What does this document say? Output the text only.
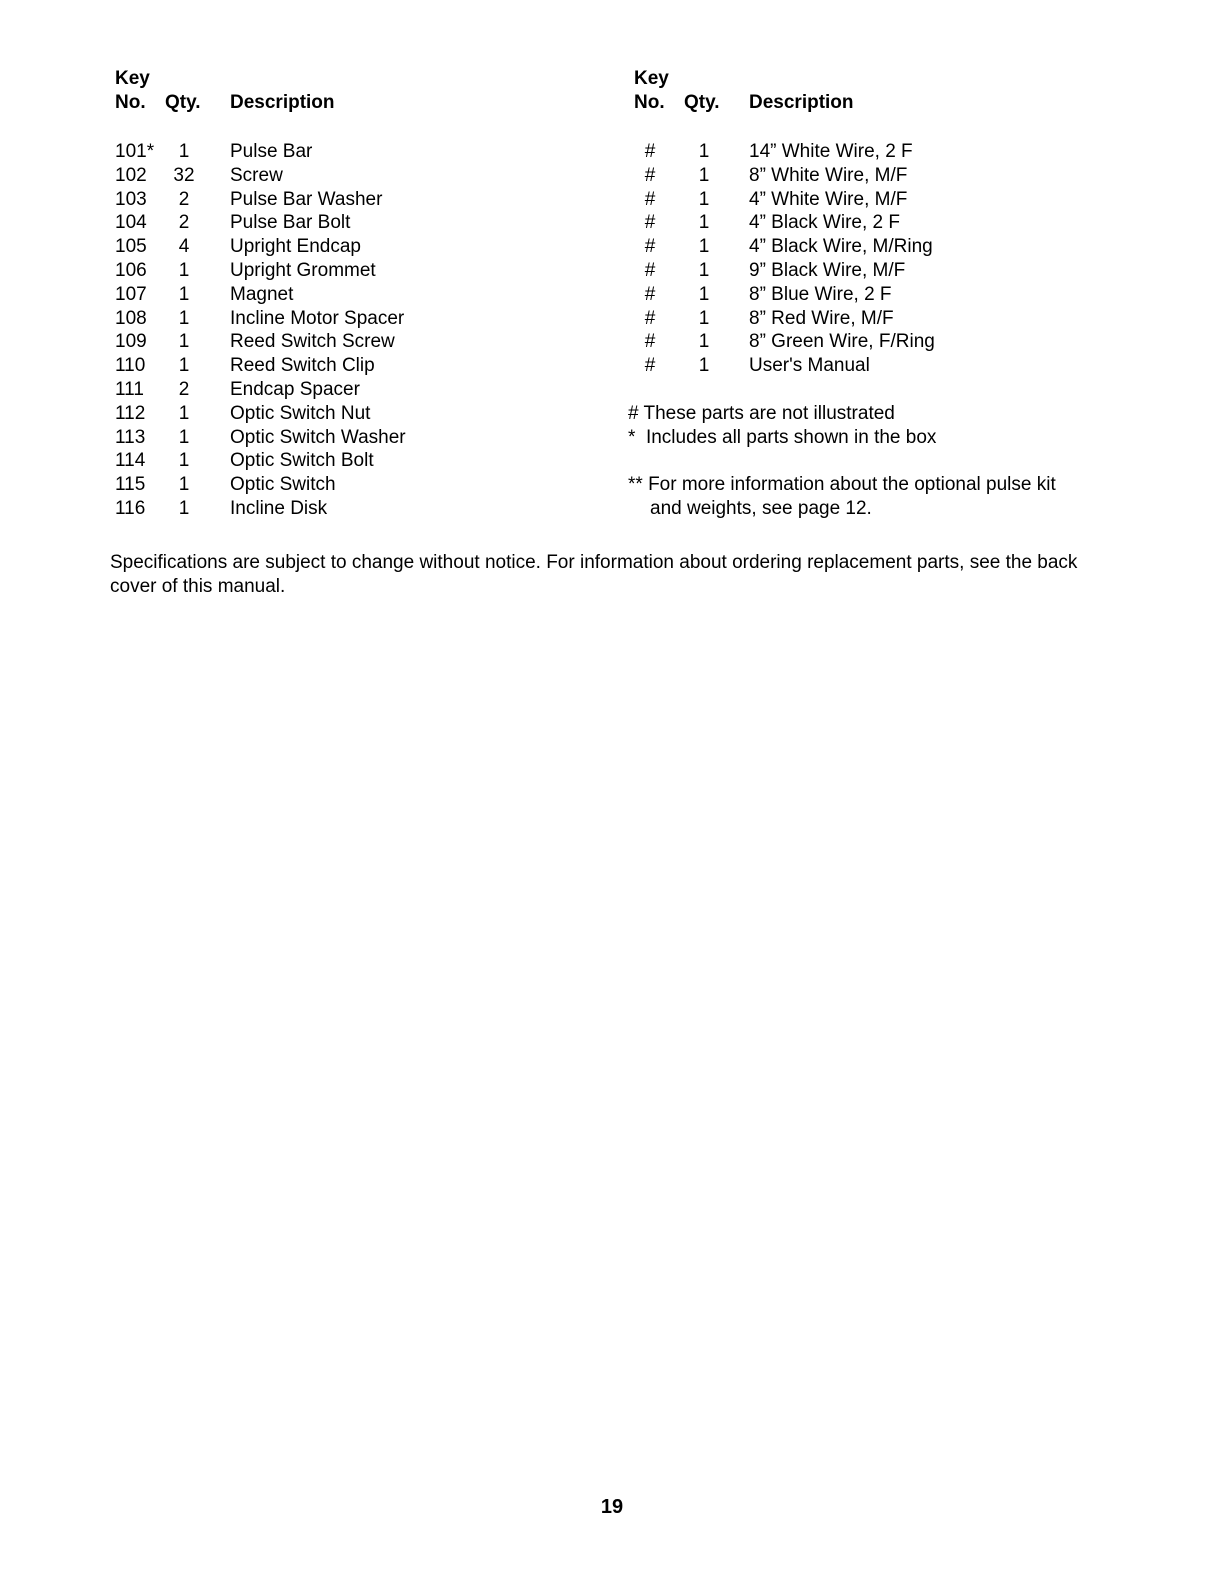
Key
No. Qty. Description
101*	1	Pulse Bar
102 32 Screw
103	2	Pulse Bar Washer
104	2	Pulse Bar Bolt
105	4	Upright Endcap
106	1	Upright Grommet
107	1	Magnet
108	1	Incline Motor Spacer
109	1	Reed Switch Screw
110	1	Reed Switch Clip
111	2	Endcap Spacer
112	1	Optic Switch Nut
113	1	Optic Switch Washer
114	1	Optic Switch Bolt
115	1	Optic Switch
116	1	Incline Disk
Key
No. Qty. Description
#	1	14” White Wire, 2 F
#	1	8” White Wire, M/F
#	1	4” White Wire, M/F
#	1	4” Black Wire, 2 F
#	1	4” Black Wire, M/Ring
#	1	9” Black Wire, M/F
#	1	8” Blue Wire, 2 F
#	1	8” Red Wire, M/F
#	1	8” Green Wire, F/Ring
#	1	User's Manual
# These parts are not illustrated
*  Includes all parts shown in the box
** For more information about the optional pulse kit
and weights, see page 12.

Specifications are subject to change without notice. For information about ordering replacement parts, see the back cover of this manual.

19
